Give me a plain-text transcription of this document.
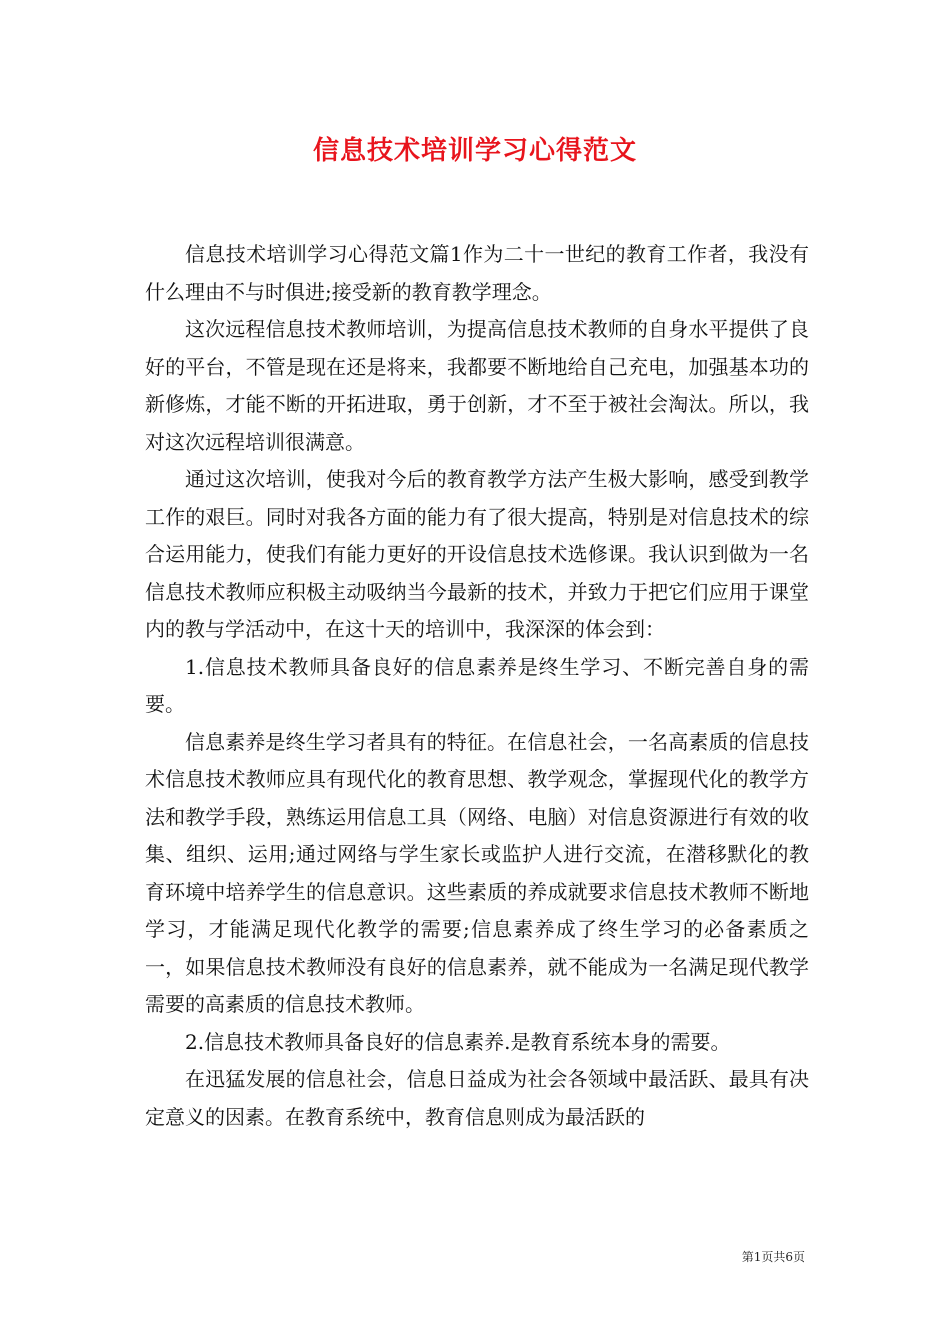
信息技术培训学习心得范文

信息技术培训学习心得范文篇1作为二十一世纪的教育工作者，我没有什么理由不与时俱进;接受新的教育教学理念。

这次远程信息技术教师培训，为提高信息技术教师的自身水平提供了良好的平台，不管是现在还是将来，我都要不断地给自己充电，加强基本功的新修炼，才能不断的开拓进取，勇于创新，才不至于被社会淘汰。所以，我对这次远程培训很满意。

通过这次培训，使我对今后的教育教学方法产生极大影响，感受到教学工作的艰巨。同时对我各方面的能力有了很大提高，特别是对信息技术的综合运用能力，使我们有能力更好的开设信息技术选修课。我认识到做为一名信息技术教师应积极主动吸纳当今最新的技术，并致力于把它们应用于课堂内的教与学活动中，在这十天的培训中，我深深的体会到：

1.信息技术教师具备良好的信息素养是终生学习、不断完善自身的需要。

信息素养是终生学习者具有的特征。在信息社会，一名高素质的信息技术信息技术教师应具有现代化的教育思想、教学观念，掌握现代化的教学方法和教学手段，熟练运用信息工具（网络、电脑）对信息资源进行有效的收集、组织、运用;通过网络与学生家长或监护人进行交流，在潜移默化的教育环境中培养学生的信息意识。这些素质的养成就要求信息技术教师不断地学习，才能满足现代化教学的需要;信息素养成了终生学习的必备素质之一，如果信息技术教师没有良好的信息素养，就不能成为一名满足现代教学需要的高素质的信息技术教师。

2.信息技术教师具备良好的信息素养.是教育系统本身的需要。

在迅猛发展的信息社会，信息日益成为社会各领域中最活跃、最具有决定意义的因素。在教育系统中，教育信息则成为最活跃的

第1页共6页
